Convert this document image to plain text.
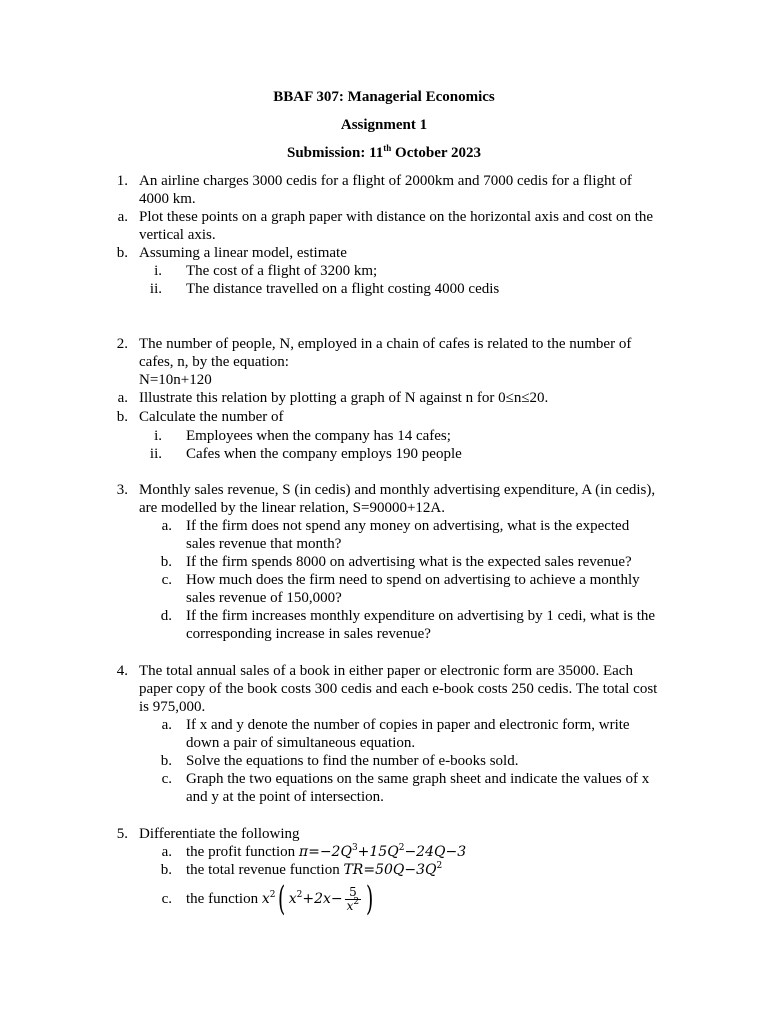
BBAF 307: Managerial Economics
Assignment 1
Submission: 11th October 2023
1. An airline charges 3000 cedis for a flight of 2000km and 7000 cedis for a flight of
4000 km.
a. Plot these points on a graph paper with distance on the horizontal axis and cost on the
vertical axis.
b. Assuming a linear model, estimate
i. The cost of a flight of 3200 km;
ii. The distance travelled on a flight costing 4000 cedis
2. The number of people, N, employed in a chain of cafes is related to the number of
cafes, n, by the equation:
N=10n+120
a. Illustrate this relation by plotting a graph of N against n for 0≤n≤20.
b. Calculate the number of
i. Employees when the company has 14 cafes;
ii. Cafes when the company employs 190 people
3. Monthly sales revenue, S (in cedis) and monthly advertising expenditure, A (in cedis),
are modelled by the linear relation, S=90000+12A.
a. If the firm does not spend any money on advertising, what is the expected
sales revenue that month?
b. If the firm spends 8000 on advertising what is the expected sales revenue?
c. How much does the firm need to spend on advertising to achieve a monthly
sales revenue of 150,000?
d. If the firm increases monthly expenditure on advertising by 1 cedi, what is the
corresponding increase in sales revenue?
4. The total annual sales of a book in either paper or electronic form are 35000. Each
paper copy of the book costs 300 cedis and each e-book costs 250 cedis. The total cost
is 975,000.
a. If x and y denote the number of copies in paper and electronic form, write
down a pair of simultaneous equation.
b. Solve the equations to find the number of e-books sold.
c. Graph the two equations on the same graph sheet and indicate the values of x
and y at the point of intersection.
5. Differentiate the following
a. the profit function $\pi=-2Q^3+15Q^2-24Q-3$
b. the total revenue function $TR=50Q-3Q^2$
c. the function $x^2$( $x^2+2x- \frac{5}{x^2}$ )
